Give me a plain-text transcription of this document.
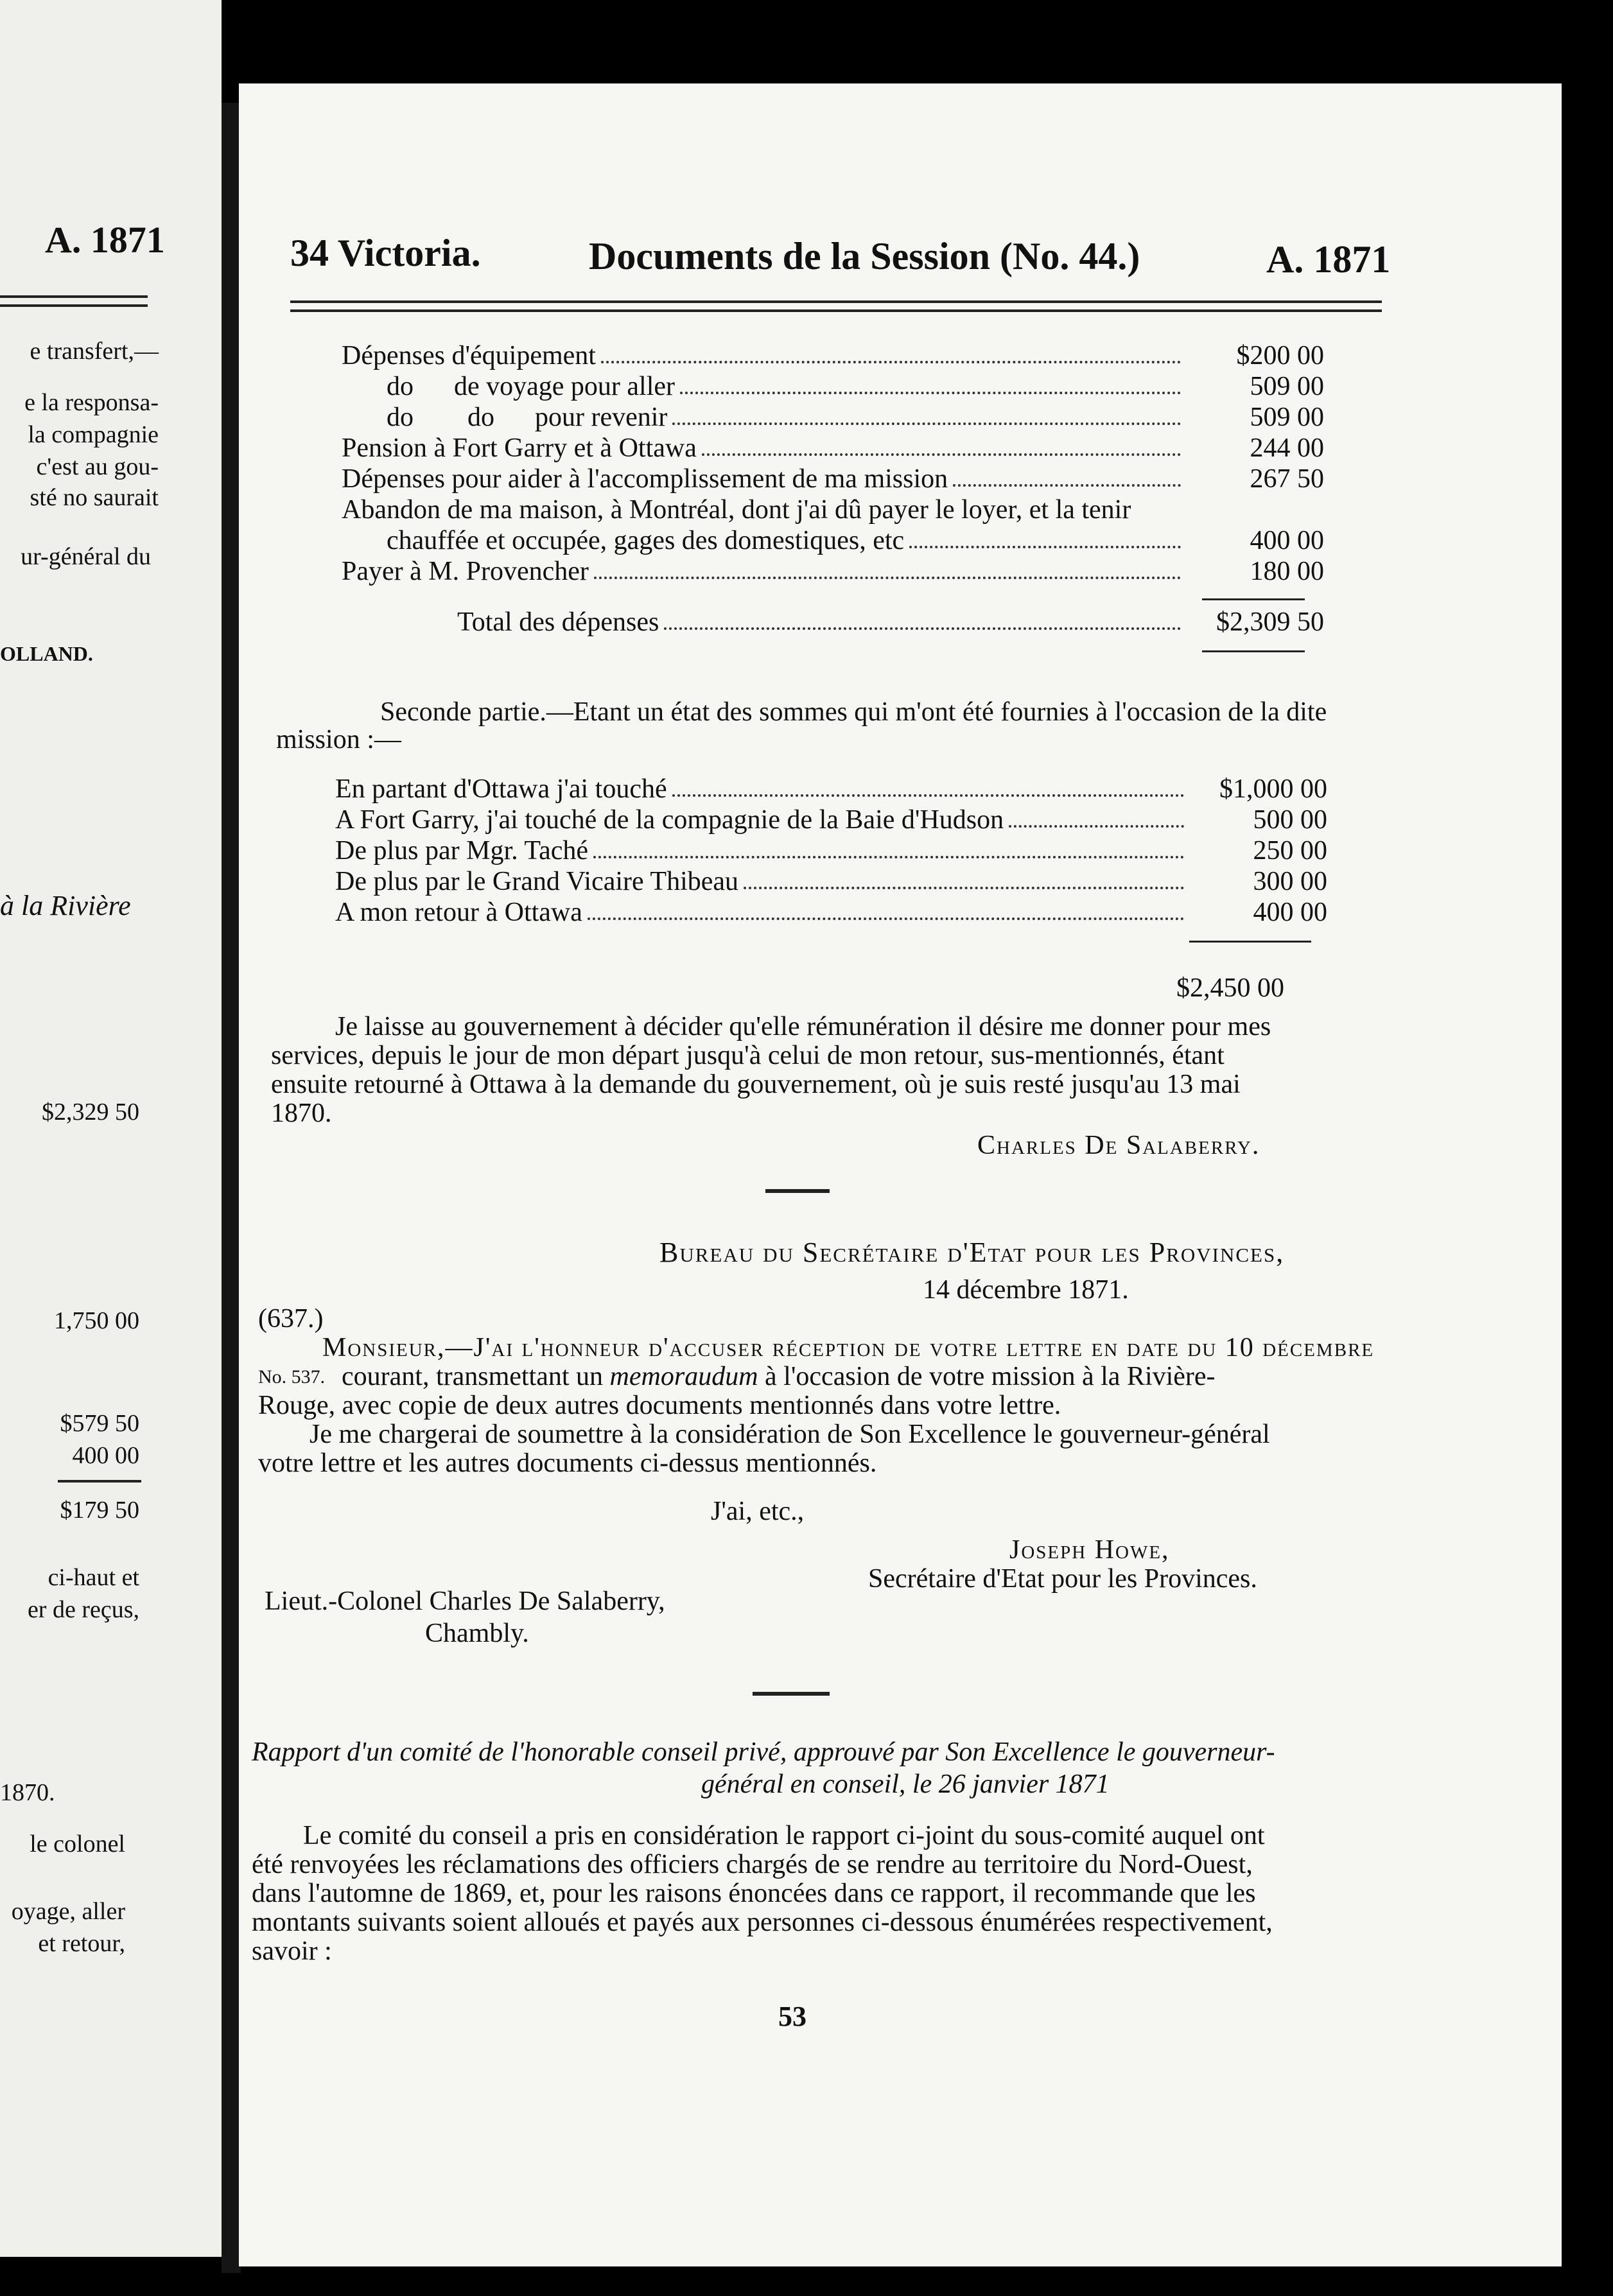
A. 1871
e transfert,—
e la responsa-
la compagnie
c'est au gou-
sté no saurait
ur-général du
OLLAND.
à la Rivière
$2,329 50
1,750 00
$579 50
400 00
$179 50
ci-haut et
er de reçus,
1870.
le colonel
oyage, aller
et retour,
34 Victoria.	Documents de la Session (No. 44.)	A. 1871
Dépenses d'équipement	$200 00
do      de voyage pour aller	509 00
do        do      pour revenir	509 00
Pension à Fort Garry et à Ottawa	244 00
Dépenses pour aider à l'accomplissement de ma mission	267 50
Abandon de ma maison, à Montréal, dont j'ai dû payer le loyer, et la tenir
chauffée et occupée, gages des domestiques, etc	400 00
Payer à M. Provencher	180 00
Total des dépenses	$2,309 50
Seconde partie.—Etant un état des sommes qui m'ont été fournies à l'occasion de la dite
mission :—
En partant d'Ottawa j'ai touché	$1,000 00
A Fort Garry, j'ai touché de la compagnie de la Baie d'Hudson	500 00
De plus par Mgr. Taché	250 00
De plus par le Grand Vicaire Thibeau	300 00
A mon retour à Ottawa	400 00
$2,450 00
Je laisse au gouvernement à décider qu'elle rémunération il désire me donner pour mes
services, depuis le jour de mon départ jusqu'à celui de mon retour, sus-mentionnés, étant
ensuite retourné à Ottawa à la demande du gouvernement, où je suis resté jusqu'au 13 mai
1870.
Charles De Salaberry.
Bureau du Secrétaire d'Etat pour les Provinces,
14 décembre 1871.
(637.)
Monsieur,—J'ai l'honneur d'accuser réception de votre lettre en date du 10 décembre
No. 537. courant, transmettant un memoraudum à l'occasion de votre mission à la Rivière-
Rouge, avec copie de deux autres documents mentionnés dans votre lettre.
Je me chargerai de soumettre à la considération de Son Excellence le gouverneur-général
votre lettre et les autres documents ci-dessus mentionnés.
J'ai, etc.,
Joseph Howe,
Secrétaire d'Etat pour les Provinces.
Lieut.-Colonel Charles De Salaberry,
Chambly.
Rapport d'un comité de l'honorable conseil privé, approuvé par Son Excellence le gouverneur-
général en conseil, le 26 janvier 1871
Le comité du conseil a pris en considération le rapport ci-joint du sous-comité auquel ont
été renvoyées les réclamations des officiers chargés de se rendre au territoire du Nord-Ouest,
dans l'automne de 1869, et, pour les raisons énoncées dans ce rapport, il recommande que les
montants suivants soient alloués et payés aux personnes ci-dessous énumérées respectivement,
savoir :
53
